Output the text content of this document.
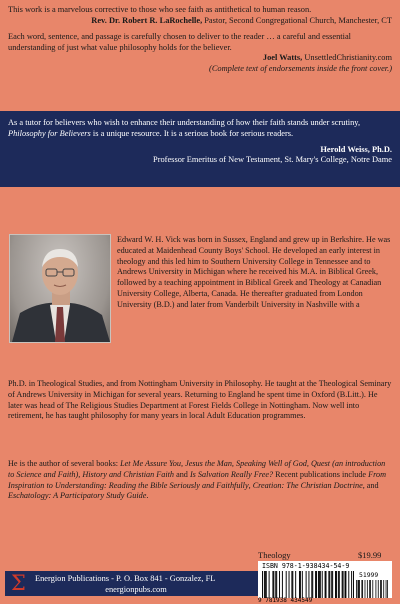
This work is a marvelous corrective to those who see faith as antithetical to human reason.

Rev. Dr. Robert R. LaRochelle, Pastor, Second Congregational Church, Manchester, CT

Each word, sentence, and passage is carefully chosen to deliver to the reader … a careful and essential understanding of just what value philosophy holds for the believer.

Joel Watts, UnsettledChristianity.com

(Complete text of endorsements inside the front cover.)

As a tutor for believers who wish to enhance their understanding of how their faith stands under scrutiny, Philosophy for Believers is a unique resource. It is a serious book for serious readers.

Herold Weiss, Ph.D.

Professor Emeritus of New Testament, St. Mary's College, Notre Dame

Edward W. H. Vick was born in Sussex, England and grew up in Berkshire. He was educated at Maidenhead County Boys' School. He developed an early interest in theology and this led him to Southern University College in Tennessee and to Andrews University in Michigan where he received his M.A. in Biblical Greek, followed by a teaching appointment in Biblical Greek and Theology at Canadian University College, Alberta, Canada. He thereafter graduated from London University (B.D.) and later from Vanderbilt University in Nashville with a

Ph.D. in Theological Studies, and from Nottingham University in Philosophy. He taught at the Theological Seminary of Andrews University in Michigan for several years. Returning to England he spent time in Oxford (B.Litt.). He later was head of The Religious Studies Department at Forest Fields College in Nottingham. Now well into retirement, he has taught philosophy for many years in local Adult Education programmes.

He is the author of several books: Let Me Assure You, Jesus the Man, Speaking Well of God, Quest (an introduction to Science and Faith), History and Christian Faith and Is Salvation Really Free? Recent publications include From Inspiration to Understanding: Reading the Bible Seriously and Faithfully, Creation: The Christian Doctrine, and Eschatology: A Participatory Study Guide.

Theology	$19.99
Σ Energion Publications - P. O. Box 841 - Gonzalez, FL
energionpubs.com
ISBN 978-1-938434-54-9
51999
9 781938 434549
